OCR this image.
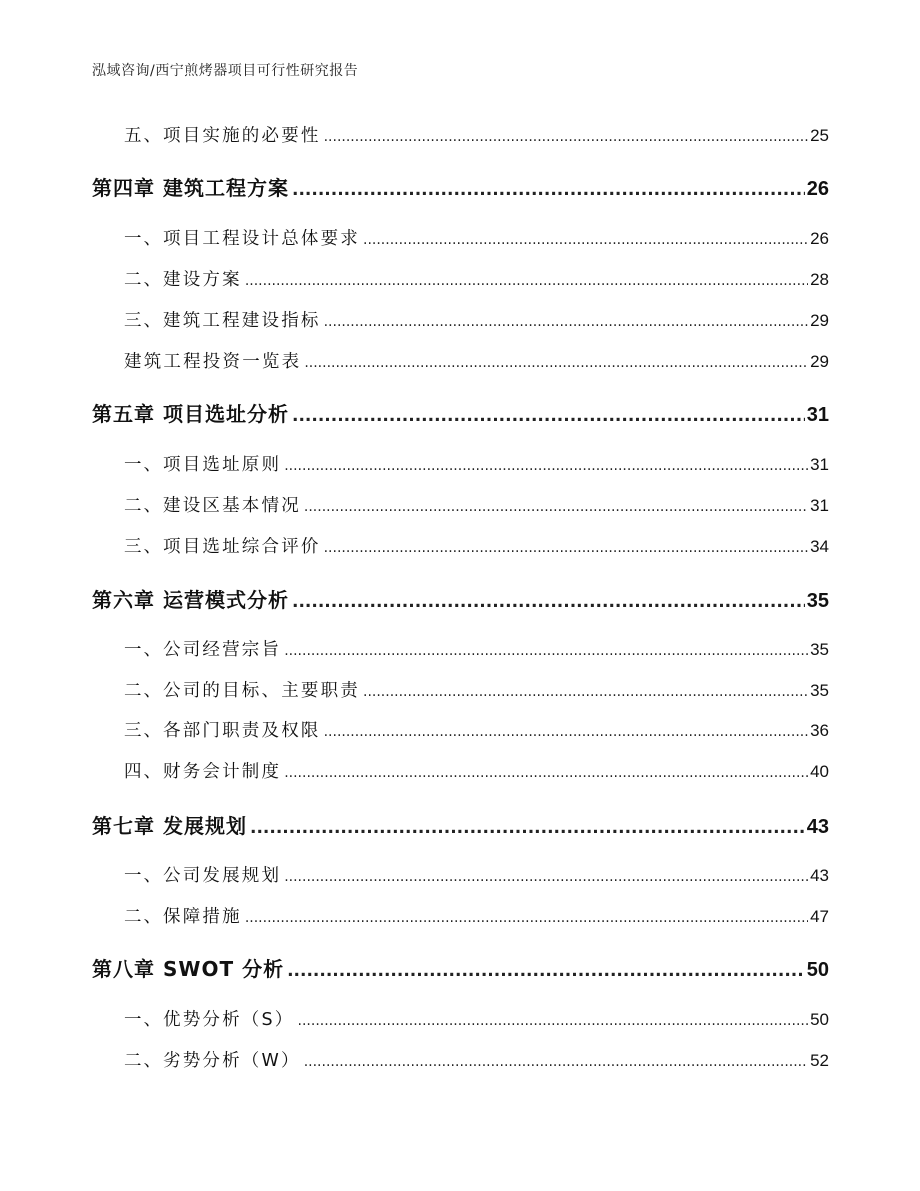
泓域咨询/西宁煎烤器项目可行性研究报告
五、 项目实施的必要性 .....	25
第四章 建筑工程方案 .....	26
一、 项目工程设计总体要求 .....	26
二、 建设方案 .....	28
三、 建筑工程建设指标 .....	29
建筑工程投资一览表 .....	29
第五章 项目选址分析 .....	31
一、 项目选址原则 .....	31
二、 建设区基本情况 .....	31
三、 项目选址综合评价 .....	34
第六章 运营模式分析 .....	35
一、 公司经营宗旨 .....	35
二、 公司的目标、主要职责 .....	35
三、 各部门职责及权限 .....	36
四、 财务会计制度 .....	40
第七章 发展规划 .....	43
一、 公司发展规划 .....	43
二、 保障措施 .....	47
第八章 SWOT 分析 .....	50
一、 优势分析（S） .....	50
二、 劣势分析（W） .....	52
